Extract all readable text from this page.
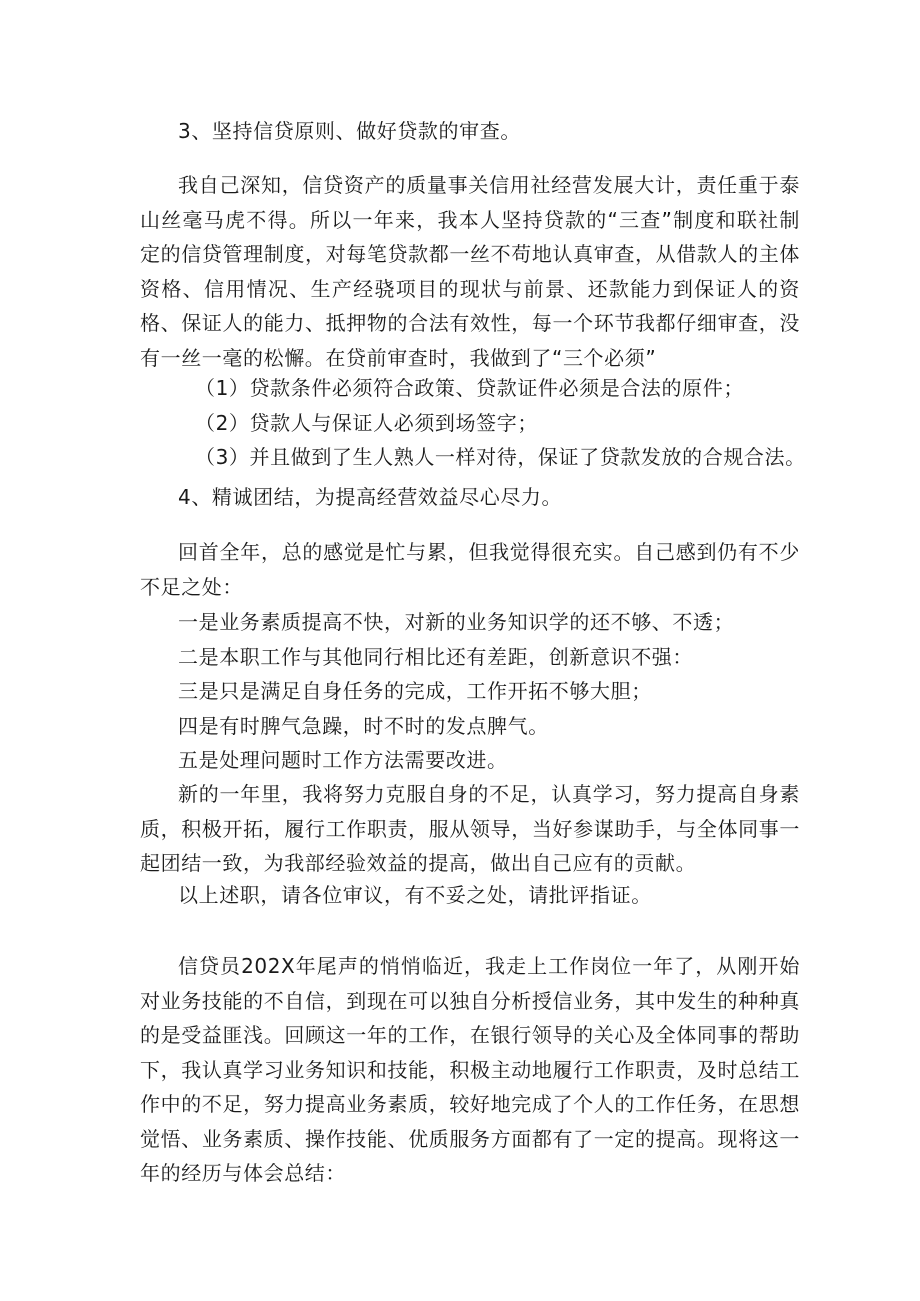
3、坚持信贷原则、做好贷款的审查。

我自己深知，信贷资产的质量事关信用社经营发展大计，责任重于泰山丝毫马虎不得。所以一年来，我本人坚持贷款的“三查”制度和联社制定的信贷管理制度，对每笔贷款都一丝不苟地认真审查，从借款人的主体资格、信用情况、生产经骁项目的现状与前景、还款能力到保证人的资格、保证人的能力、抵押物的合法有效性，每一个环节我都仔细审查，没有一丝一毫的松懈。在贷前审查时，我做到了“三个必须”

（1）贷款条件必须符合政策、贷款证件必须是合法的原件；
（2）贷款人与保证人必须到场签字；
（3）并且做到了生人熟人一样对待，保证了贷款发放的合规合法。
4、精诚团结，为提高经营效益尽心尽力。

回首全年，总的感觉是忙与累，但我觉得很充实。自己感到仍有不少不足之处：

一是业务素质提高不快，对新的业务知识学的还不够、不透；
二是本职工作与其他同行相比还有差距，创新意识不强：
三是只是满足自身任务的完成，工作开拓不够大胆；
四是有时脾气急躁，时不时的发点脾气。
五是处理问题时工作方法需要改进。

新的一年里，我将努力克服自身的不足，认真学习，努力提高自身素质，积极开拓，履行工作职责，服从领导，当好参谋助手，与全体同事一起团结一致，为我部经验效益的提高，做出自己应有的贡献。

以上述职，请各位审议，有不妥之处，请批评指证。

信贷员202X年尾声的悄悄临近，我走上工作岗位一年了，从刚开始对业务技能的不自信，到现在可以独自分析授信业务，其中发生的种种真的是受益匪浅。回顾这一年的工作，在银行领导的关心及全体同事的帮助下，我认真学习业务知识和技能，积极主动地履行工作职责，及时总结工作中的不足，努力提高业务素质，较好地完成了个人的工作任务，在思想觉悟、业务素质、操作技能、优质服务方面都有了一定的提高。现将这一年的经历与体会总结：
